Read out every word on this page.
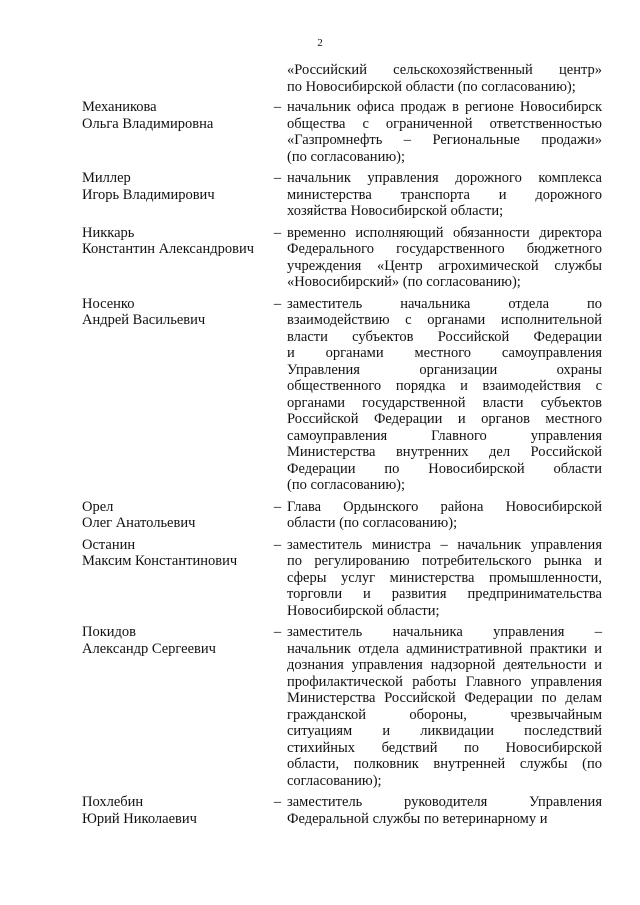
2
«Российский сельскохозяйственный центр»
по Новосибирской области (по согласованию);
Механикова
Ольга Владимировна
– начальник офиса продаж в регионе Новосибирск
общества с ограниченной ответственностью
«Газпромнефть – Региональные продажи»
(по согласованию);
Миллер
Игорь Владимирович
– начальник управления дорожного комплекса
министерства транспорта и дорожного
хозяйства Новосибирской области;
Никкарь
Константин Александрович
– временно исполняющий обязанности директора
Федерального государственного бюджетного
учреждения «Центр агрохимической службы
«Новосибирский» (по согласованию);
Носенко
Андрей Васильевич
– заместитель начальника отдела по
взаимодействию с органами исполнительной
власти субъектов Российской Федерации
и органами местного самоуправления
Управления организации охраны
общественного порядка и взаимодействия с
органами государственной власти субъектов
Российской Федерации и органов местного
самоуправления Главного управления
Министерства внутренних дел Российской
Федерации по Новосибирской области
(по согласованию);
Орел
Олег Анатольевич
– Глава Ордынского района Новосибирской
области (по согласованию);
Останин
Максим Константинович
– заместитель министра – начальник управления
по регулированию потребительского рынка и
сферы услуг министерства промышленности,
торговли и развития предпринимательства
Новосибирской области;
Покидов
Александр Сергеевич
– заместитель начальника управления –
начальник отдела административной практики и
дознания управления надзорной деятельности и
профилактической работы Главного управления
Министерства Российской Федерации по делам
гражданской обороны, чрезвычайным
ситуациям и ликвидации последствий
стихийных бедствий по Новосибирской
области, полковник внутренней службы (по
согласованию);
Похлебин
Юрий Николаевич
– заместитель руководителя Управления
Федеральной службы по ветеринарному и
